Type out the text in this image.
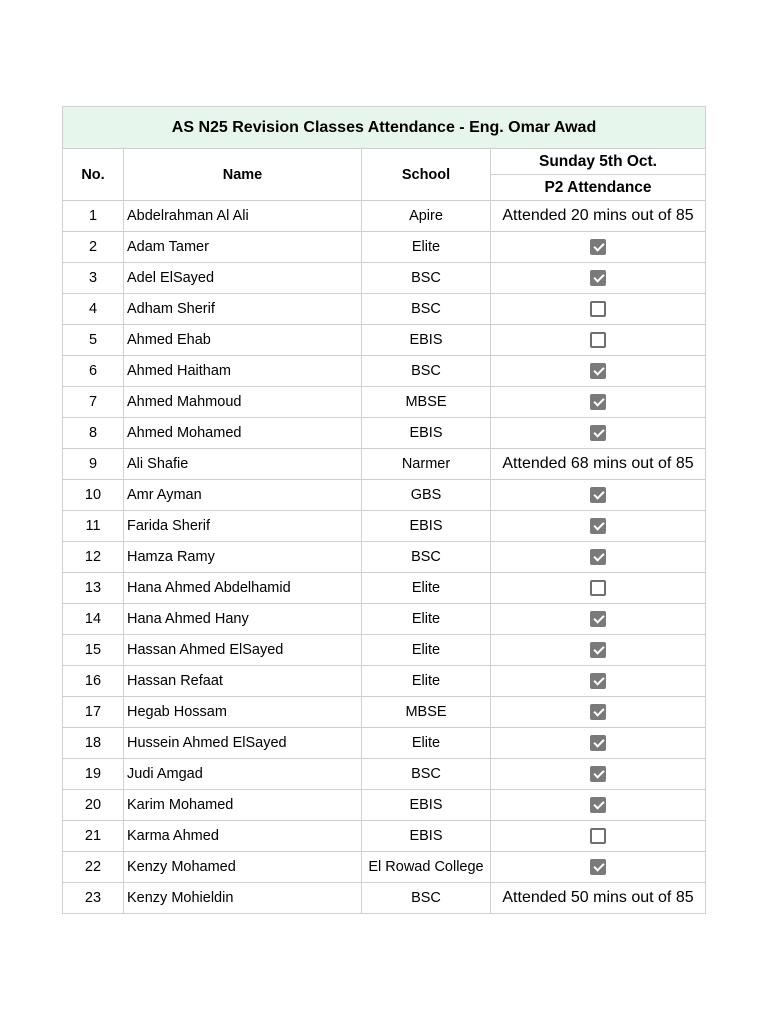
AS N25 Revision Classes Attendance - Eng. Omar Awad			
No.	Name	School	Sunday 5th Oct.
			P2 Attendance
1	Abdelrahman Al Ali	Apire	Attended 20 mins out of 85
2	Adam Tamer	Elite	
3	Adel ElSayed	BSC	
4	Adham Sherif	BSC	
5	Ahmed Ehab	EBIS	
6	Ahmed Haitham	BSC	
7	Ahmed Mahmoud	MBSE	
8	Ahmed Mohamed	EBIS	
9	Ali Shafie	Narmer	Attended 68 mins out of 85
10	Amr Ayman	GBS	
11	Farida Sherif	EBIS	
12	Hamza Ramy	BSC	
13	Hana Ahmed Abdelhamid	Elite	
14	Hana Ahmed Hany	Elite	
15	Hassan Ahmed ElSayed	Elite	
16	Hassan Refaat	Elite	
17	Hegab Hossam	MBSE	
18	Hussein Ahmed ElSayed	Elite	
19	Judi Amgad	BSC	
20	Karim Mohamed	EBIS	
21	Karma Ahmed	EBIS	
22	Kenzy Mohamed	El Rowad College	
23	Kenzy Mohieldin	BSC	Attended 50 mins out of 85
